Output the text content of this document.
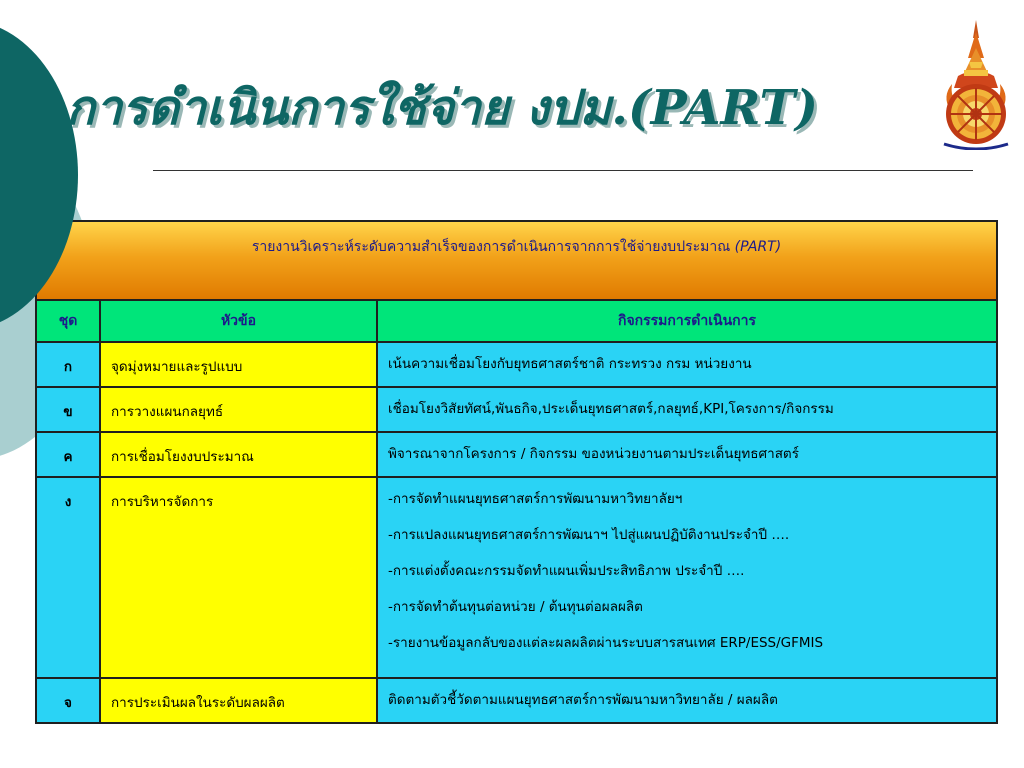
การดำเนินการใช้จ่าย งปม.(PART)
รายงานวิเคราะห์ระดับความสำเร็จของการดำเนินการจากการใช้จ่ายงบประมาณ (PART)		
ชุด	หัวข้อ	กิจกรรมการดำเนินการ
ก	จุดมุ่งหมายและรูปแบบ	เน้นความเชื่อมโยงกับยุทธศาสตร์ชาติ กระทรวง กรม หน่วยงาน

ข	การวางแผนกลยุทธ์	เชื่อมโยงวิสัยทัศน์,พันธกิจ,ประเด็นยุทธศาสตร์,กลยุทธ์,KPI,โครงการ/กิจกรรม

ค	การเชื่อมโยงงบประมาณ	พิจารณาจากโครงการ / กิจกรรม ของหน่วยงานตามประเด็นยุทธศาสตร์

ง	การบริหารจัดการ	-การจัดทำแผนยุทธศาสตร์การพัฒนามหาวิทยาลัยฯ
-การแปลงแผนยุทธศาสตร์การพัฒนาฯ ไปสู่แผนปฏิบัติงานประจำปี ….
-การแต่งตั้งคณะกรรมจัดทำแผนเพิ่มประสิทธิภาพ ประจำปี ….
-การจัดทำต้นทุนต่อหน่วย / ต้นทุนต่อผลผลิต
-รายงานข้อมูลกลับของแต่ละผลผลิตผ่านระบบสารสนเทศ ERP/ESS/GFMIS

จ	การประเมินผลในระดับผลผลิต	ติดตามตัวชี้วัดตามแผนยุทธศาสตร์การพัฒนามหาวิทยาลัย / ผลผลิต
